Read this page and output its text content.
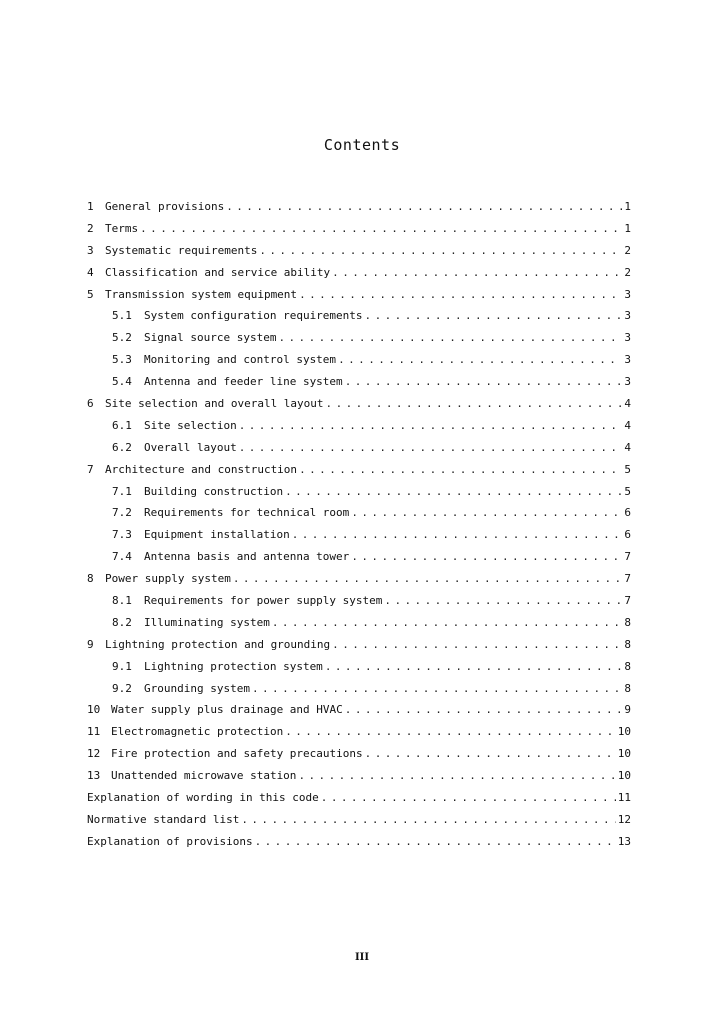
Contents
1	General provisions . . .	1
2	Terms . . .	1
3	Systematic requirements . . .	2
4	Classification and service ability . . .	2
5	Transmission system equipment . . .	3
5.1	System configuration requirements . . .	3
5.2	Signal source system . . .	3
5.3	Monitoring and control system . . .	3
5.4	Antenna and feeder line system . . .	3
6	Site selection and overall layout . . .	4
6.1	Site selection . . .	4
6.2	Overall layout . . .	4
7	Architecture and construction . . .	5
7.1	Building construction . . .	5
7.2	Requirements for technical room . . .	6
7.3	Equipment installation . . .	6
7.4	Antenna basis and antenna tower . . .	7
8	Power supply system . . .	7
8.1	Requirements for power supply system . . .	7
8.2	Illuminating system . . .	8
9	Lightning protection and grounding . . .	8
9.1	Lightning protection system . . .	8
9.2	Grounding system . . .	8
10 Water supply plus drainage and HVAC . . .	9
11 Electromagnetic protection . . .	10
12 Fire protection and safety precautions . . .	10
13 Unattended microwave station . . .	10
Explanation of wording in this code . . .	11
Normative standard list . . .	12
Explanation of provisions . . .	13
III
